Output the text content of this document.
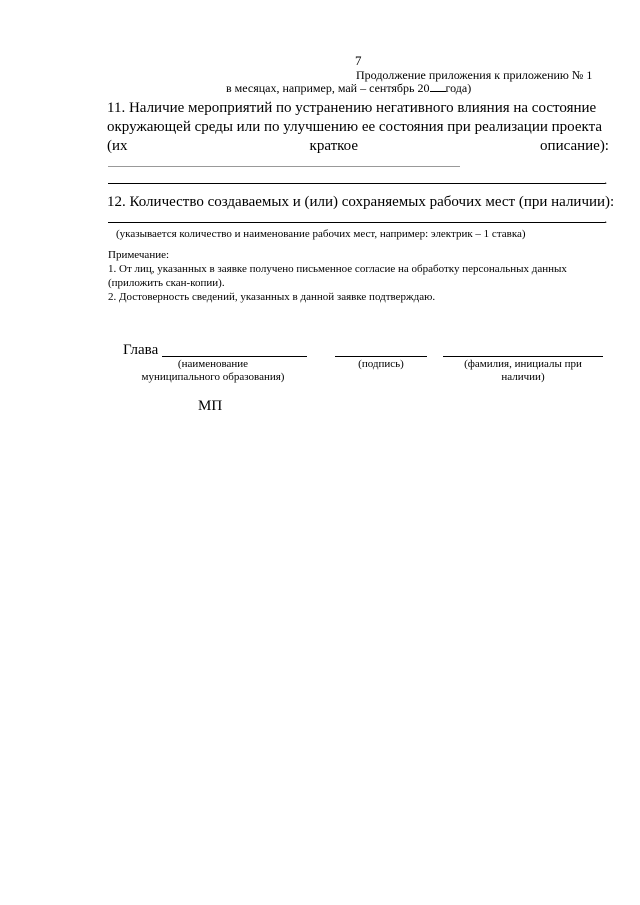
7
Продолжение приложения к приложению № 1
в месяцах, например, май – сентябрь 20 года)
11. Наличие мероприятий по устранению негативного влияния на состояние
окружающей среды или по улучшению ее состояния при реализации проекта
(их	краткое	описание):
.
12. Количество создаваемых и (или) сохраняемых рабочих мест (при наличии):
.
(указывается количество и наименование рабочих мест, например: электрик – 1 ставка)
Примечание:
1. От лиц, указанных в заявке получено письменное согласие на обработку персональных данных (приложить скан-копии).
2. Достоверность сведений, указанных в данной заявке подтверждаю.
Глава
(наименование
муниципального образования)
(подпись)	(фамилия, инициалы при
наличии)
МП
